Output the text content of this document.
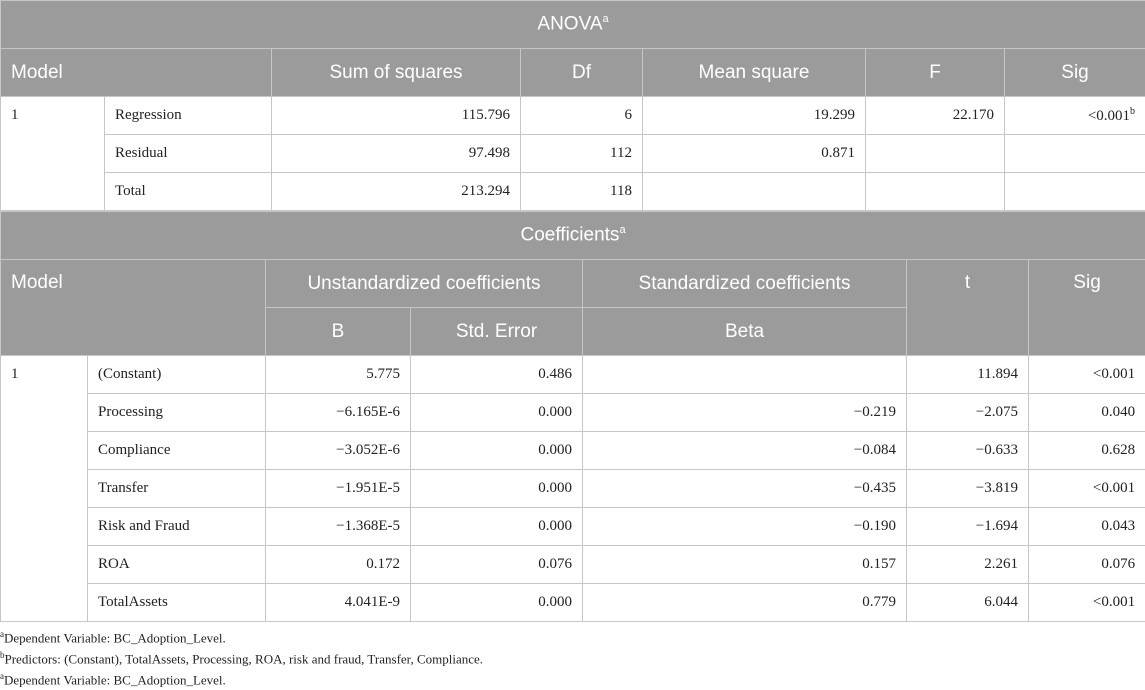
ANOVA$^a$
Model		Sum of squares	Df	Mean square	F	Sig
1	Regression	115.796	6	19.299	22.170	<0.001$^b$
	Residual	97.498	112	0.871		
	Total	213.294	118			
Coefficients$^a$
Model		Unstandardized coefficients		Standardized coefficients	t	Sig
		B	Std. Error	Beta		
1	(Constant)	5.775	0.486		11.894	<0.001
	Processing	−6.165E-6	0.000	−0.219	−2.075	0.040
	Compliance	−3.052E-6	0.000	−0.084	−0.633	0.628
	Transfer	−1.951E-5	0.000	−0.435	−3.819	<0.001
	Risk and Fraud	−1.368E-5	0.000	−0.190	−1.694	0.043
	ROA	0.172	0.076	0.157	2.261	0.076
	TotalAssets	4.041E-9	0.000	0.779	6.044	<0.001
$^a$Dependent Variable: BC_Adoption_Level.
$^b$Predictors: (Constant), TotalAssets, Processing, ROA, risk and fraud, Transfer, Compliance.
$^a$Dependent Variable: BC_Adoption_Level.
